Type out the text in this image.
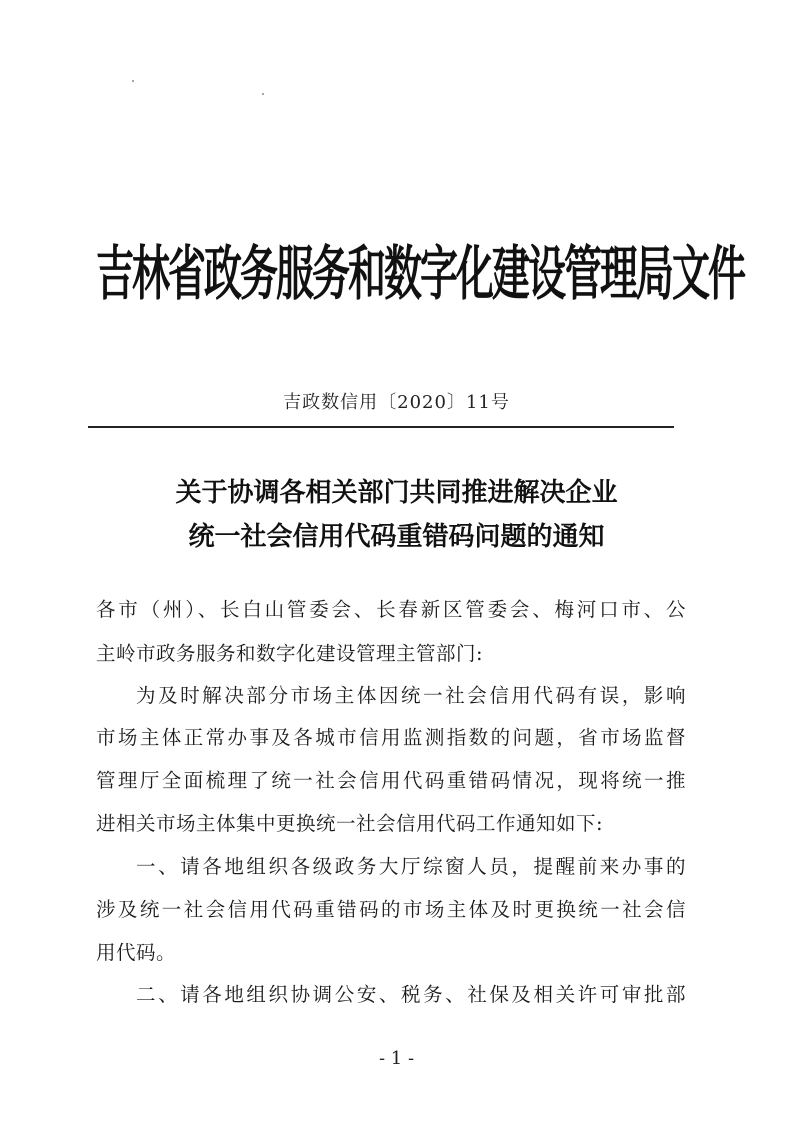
吉林省政务服务和数字化建设管理局文件
吉政数信用〔2020〕11号
关于协调各相关部门共同推进解决企业
统一社会信用代码重错码问题的通知
各市（州）、长白山管委会、长春新区管委会、梅河口市、公
主岭市政务服务和数字化建设管理主管部门:
为及时解决部分市场主体因统一社会信用代码有误，影响
市场主体正常办事及各城市信用监测指数的问题，省市场监督
管理厅全面梳理了统一社会信用代码重错码情况，现将统一推
进相关市场主体集中更换统一社会信用代码工作通知如下:
一、请各地组织各级政务大厅综窗人员，提醒前来办事的
涉及统一社会信用代码重错码的市场主体及时更换统一社会信
用代码。
二、请各地组织协调公安、税务、社保及相关许可审批部
- 1 -
